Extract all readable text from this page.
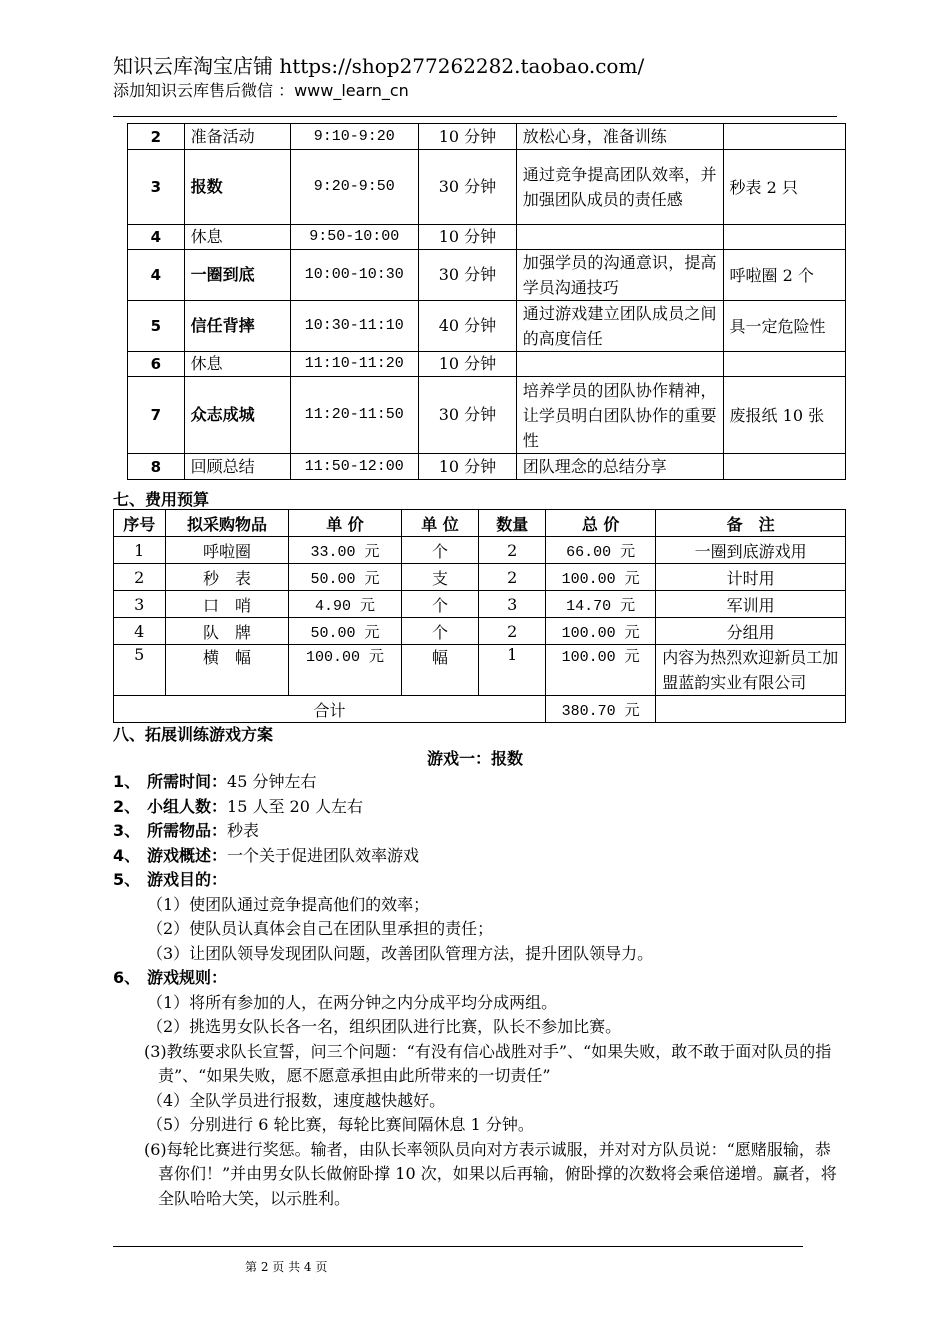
知识云库淘宝店铺 https://shop277262282.taobao.com/
添加知识云库售后微信 ：www_learn_cn
2	准备活动	9:10-9:20	10 分钟	放松心身，准备训练	
3	报数	9:20-9:50	30 分钟	通过竞争提高团队效率，并加强团队成员的责任感	秒表 2 只
4	休息	9:50-10:00	10 分钟		
4	一圈到底	10:00-10:30	30 分钟	加强学员的沟通意识，提高学员沟通技巧	呼啦圈 2 个
5	信任背摔	10:30-11:10	40 分钟	通过游戏建立团队成员之间的高度信任	具一定危险性
6	休息	11:10-11:20	10 分钟		
7	众志成城	11:20-11:50	30 分钟	培养学员的团队协作精神，让学员明白团队协作的重要性	废报纸 10 张
8	回顾总结	11:50-12:00	10 分钟	团队理念的总结分享	
七、费用预算
序号	拟采购物品	单 价	单 位	数量	总 价	备　注
1	呼啦圈	33.00 元	个	2	66.00 元	一圈到底游戏用
2	秒　表	50.00 元	支	2	100.00 元	计时用
3	口　哨	4.90 元	个	3	14.70 元	军训用
4	队　牌	50.00 元	个	2	100.00 元	分组用
5	横　幅	100.00 元	幅	1	100.00 元	内容为热烈欢迎新员工加盟蓝韵实业有限公司
合计					380.70 元	
八、拓展训练游戏方案
游戏一：报数
1、 所需时间：45 分钟左右
2、 小组人数：15 人至 20 人左右
3、 所需物品：秒表
4、 游戏概述：一个关于促进团队效率游戏
5、 游戏目的：
（1）使团队通过竞争提高他们的效率；
（2）使队员认真体会自己在团队里承担的责任；
（3）让团队领导发现团队问题，改善团队管理方法，提升团队领导力。
6、 游戏规则：
（1）将所有参加的人，在两分钟之内分成平均分成两组。
（2）挑选男女队长各一名，组织团队进行比赛，队长不参加比赛。
(3)教练要求队长宣誓，问三个问题：“有没有信心战胜对手”、“如果失败，敢不敢于面对队员的指责”、“如果失败，愿不愿意承担由此所带来的一切责任”
（4）全队学员进行报数，速度越快越好。
（5）分别进行 6 轮比赛，每轮比赛间隔休息 1 分钟。
(6)每轮比赛进行奖惩。输者，由队长率领队员向对方表示诚服，并对对方队员说：“愿赌服输，恭喜你们！”并由男女队长做俯卧撑 10 次，如果以后再输，俯卧撑的次数将会乘倍递增。赢者，将全队哈哈大笑，以示胜利。
第 2 页 共 4 页
